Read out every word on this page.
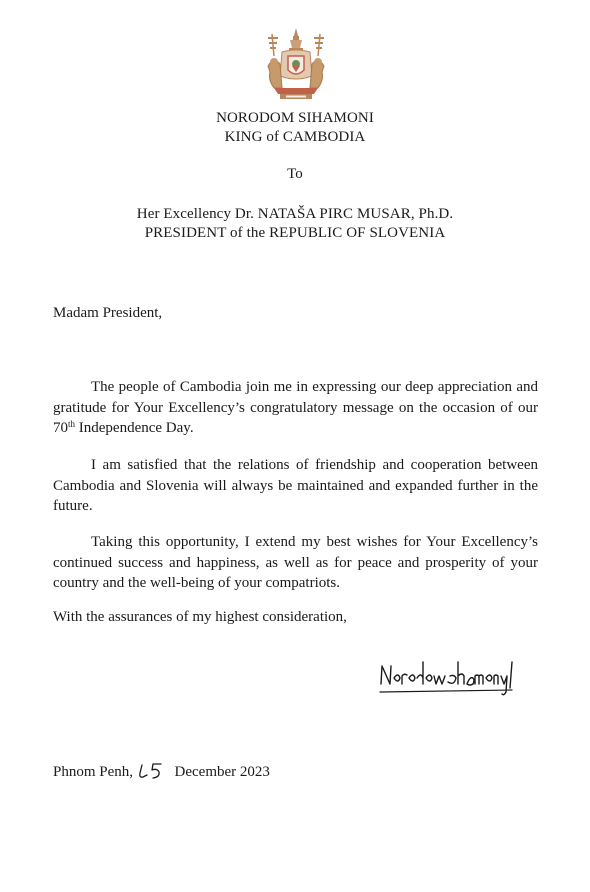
NORODOM SIHAMONI
KING of CAMBODIA
To
Her Excellency Dr. NATAŠA PIRC MUSAR, Ph.D.
PRESIDENT of the REPUBLIC OF SLOVENIA
Madam President,

The people of Cambodia join me in expressing our deep appreciation and gratitude for Your Excellency’s congratulatory message on the occasion of our 70th Independence Day.

I am satisfied that the relations of friendship and cooperation between Cambodia and Slovenia will always be maintained and expanded further in the future.

Taking this opportunity, I extend my best wishes for Your Excellency’s continued success and happiness, as well as for peace and prosperity of your country and the well-being of your compatriots.

With the assurances of my highest consideration,
Phnom Penh,	December 2023
